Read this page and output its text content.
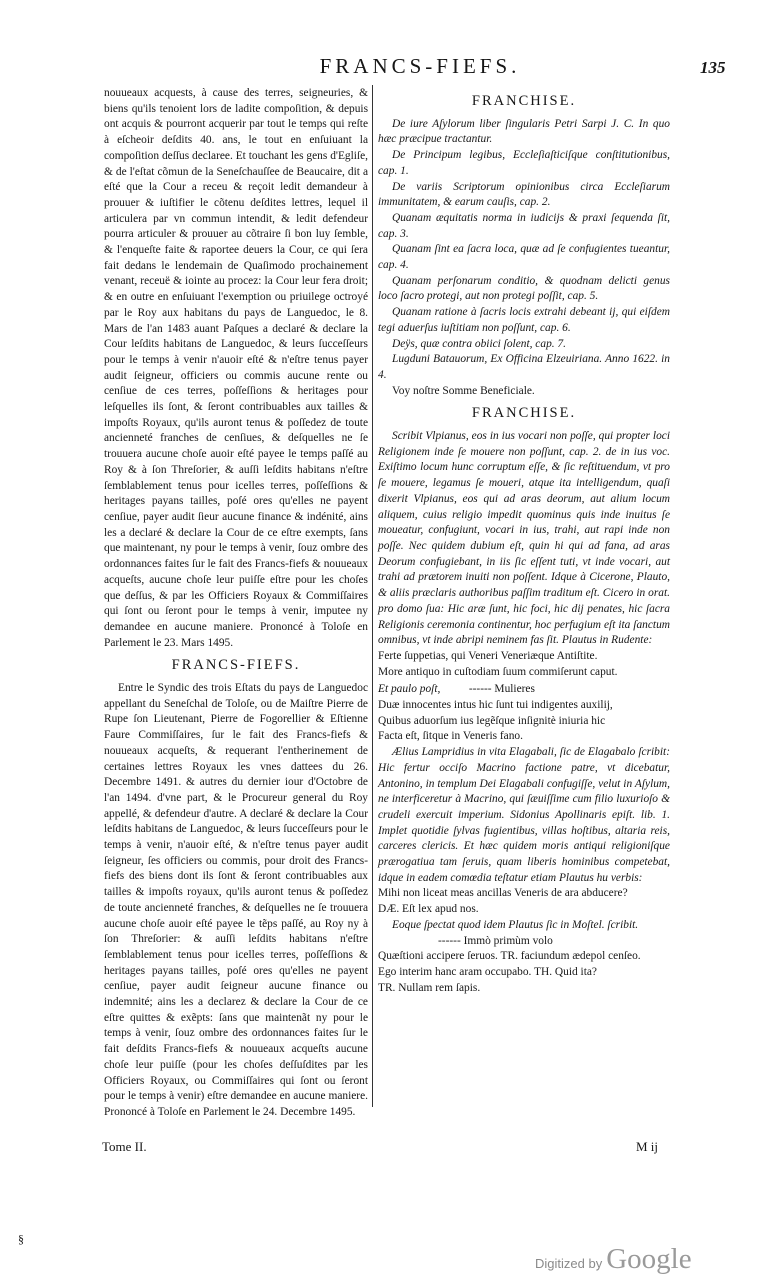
FRANCS-FIEFS.	135

nouueaux acquests, à cause des terres, seigneuries, & biens qu'ils tenoient lors de ladite compoſition, & depuis ont acquis & pourront acquerir par tout le temps qui reſte à eſcheoir deſdits 40. ans, le tout en enſuiuant la compoſition deſſus declaree. Et touchant les gens d'Egliſe, & de l'eſtat cõmun de la Seneſchauſſee de Beaucaire, dit a eſté que la Cour a receu & reçoit ledit demandeur à prouuer & iuſtifier le cõtenu deſdites lettres, lequel il articulera par vn commun intendit, & ledit defendeur pourra articuler & prouuer au cõtraire ſi bon luy ſemble, & l'enqueſte faite & raportee deuers la Cour, ce qui ſera fait dedans le lendemain de Quaſimodo prochainement venant, receuë & iointe au procez: la Cour leur fera droit; & en outre en enſuiuant l'exemption ou priuilege octroyé par le Roy aux habitans du pays de Languedoc, le 8. Mars de l'an 1483 auant Paſques a declaré & declare la Cour leſdits habitans de Languedoc, & leurs ſucceſſeurs pour le temps à venir n'auoir eſté & n'eſtre tenus payer audit ſeigneur, officiers ou commis aucune rente ou cenſiue de ces terres, poſſeſſions & heritages pour leſquelles ils ſont, & ſeront contribuables aux tailles & impoſts Royaux, qu'ils auront tenus & poſſedez de toute ancienneté franches de cenſiues, & deſquelles ne ſe trouuera aucune choſe auoir eſté payee le temps paſſé au Roy & à ſon Threſorier, & auſſi leſdits habitans n'eſtre ſemblablement tenus pour icelles terres, poſſeſſions & heritages payans tailles, poſé ores qu'elles ne payent cenſiue, payer audit ſieur aucune finance & indénité, ains les a declaré & declare la Cour de ce eſtre exempts, ſans que maintenant, ny pour le temps à venir, ſouz ombre des ordonnances faites ſur le fait des Francs-fiefs & nouueaux acqueſts, aucune choſe leur puiſſe eſtre pour les choſes que deſſus, & par les Officiers Royaux & Commiſſaires qui ſont ou ſeront pour le temps à venir, imputee ny demandee en aucune maniere. Prononcé à Toloſe en Parlement le 23. Mars 1495.

FRANCS-FIEFS.

Entre le Syndic des trois Eſtats du pays de Languedoc appellant du Seneſchal de Toloſe, ou de Maiſtre Pierre de Rupe ſon Lieutenant, Pierre de Fogorellier & Eſtienne Faure Commiſſaires, ſur le fait des Francs-fiefs & nouueaux acqueſts, & requerant l'entherinement de certaines lettres Royaux les vnes dattees du 26. Decembre 1491. & autres du dernier iour d'Octobre de l'an 1494. d'vne part, & le Procureur general du Roy appellé, & defendeur d'autre. A declaré & declare la Cour leſdits habitans de Languedoc, & leurs ſucceſſeurs pour le temps à venir, n'auoir eſté, & n'eſtre tenus payer audit ſeigneur, ſes officiers ou commis, pour droit des Francs-fiefs des biens dont ils ſont & ſeront contribuables aux tailles & impoſts royaux, qu'ils auront tenus & poſſedez de toute ancienneté franches, & deſquelles ne ſe trouuera aucune choſe auoir eſté payee le tẽps paſſé, au Roy ny à ſon Threſorier: & auſſi leſdits habitans n'eſtre ſemblablement tenus pour icelles terres, poſſeſſions & heritages payans tailles, poſé ores qu'elles ne payent cenſiue, payer audit ſeigneur aucune finance ou indemnité; ains les a declarez & declare la Cour de ce eſtre quittes & exẽpts: ſans que maintenãt ny pour le temps à venir, ſouz ombre des ordonnances faites ſur le fait deſdits Francs-fiefs & nouueaux acqueſts aucune choſe leur puiſſe (pour les choſes deſſuſdites par les Officiers Royaux, ou Commiſſaires qui ſont ou ſeront pour le temps à venir) eſtre demandee en aucune maniere. Prononcé à Toloſe en Parlement le 24. Decembre 1495.

FRANCHISE.

De iure Aſylorum liber ſingularis Petri Sarpi J. C. In quo hæc præcipue tractantur.

De Principum legibus, Eccleſiaſticiſque conſtitutionibus, cap. 1.

De variis Scriptorum opinionibus circa Eccleſiarum immunitatem, & earum cauſis, cap. 2.

Quanam æquitatis norma in iudicijs & praxi ſequenda ſit, cap. 3.

Quanam ſint ea ſacra loca, quæ ad ſe confugientes tueantur, cap. 4.

Quanam perſonarum conditio, & quodnam delicti genus loco ſacro protegi, aut non protegi poſſit, cap. 5.

Quanam ratione à ſacris locis extrahi debeant ij, qui eiſdem tegi aduerſus iuſtitiam non poſſunt, cap. 6.

Deÿs, quæ contra obiici ſolent, cap. 7.

Lugduni Batauorum, Ex Officina Elzeuiriana. Anno 1622. in 4.

Voy noſtre Somme Beneficiale.

FRANCHISE.

Scribit Vlpianus, eos in ius vocari non poſſe, qui propter loci Religionem inde ſe mouere non poſſunt, cap. 2. de in ius voc. Exiſtimo locum hunc corruptum eſſe, & ſic reſtituendum, vt pro ſe mouere, legamus ſe moueri, atque ita intelligendum, quaſi dixerit Vlpianus, eos qui ad aras deorum, aut alium locum aliquem, cuius religio impedit quominus quis inde inuitus ſe moueatur, confugiunt, vocari in ius, trahi, aut rapi inde non poſſe. Nec quidem dubium eſt, quin hi qui ad fana, ad aras Deorum confugiebant, in iis ſic eſſent tuti, vt inde vocari, aut trahi ad prætorem inuiti non poſſent. Idque à Cicerone, Plauto, & aliis præclaris authoribus paſſim traditum eſt. Cicero in orat. pro domo ſua: Hic aræ ſunt, hic foci, hic dij penates, hic ſacra Religionis ceremonia continentur, hoc perfugium eſt ita ſanctum omnibus, vt inde abripi neminem fas ſit. Plautus in Rudente:

Ferte ſuppetias, qui Veneri Veneriæque Antiſtite.

More antiquo in cuſtodiam ſuum commiſerunt caput.

Et paulo poſt, ------ Mulieres

Duæ innocentes intus hic ſunt tui indigentes auxilij,

Quibus aduorſum ius legẽſque inſignitè iniuria hic

Facta eſt, ſitque in Veneris fano.

Ælius Lampridius in vita Elagabali, ſic de Elagabalo ſcribit: Hic fertur occiſo Macrino factione patre, vt dicebatur, Antonino, in templum Dei Elagabali confugiſſe, velut in Aſylum, ne interficeretur à Macrino, qui ſæuiſſime cum filio luxurioſo & crudeli exercuit imperium. Sidonius Apollinaris epiſt. lib. 1. Implet quotidie ſylvas fugientibus, villas hoſtibus, altaria reis, carceres clericis. Et hæc quidem moris antiqui religioniſque prærogatiua tam ſeruis, quam liberis hominibus competebat, idque in eadem comœdia teſtatur etiam Plautus hu verbis:

Mihi non liceat meas ancillas Veneris de ara abducere?

DÆ. Eſt lex apud nos.

Eoque ſpectat quod idem Plautus ſic in Moſtel. ſcribit.

------ Immò primùm volo

Quæſtioni accipere ſeruos. TR. faciundum ædepol cenſeo.

Ego interim hanc aram occupabo. TH. Quid ita?

TR. Nullam rem ſapis.

Tome II.	M ij
§
Digitized by Google
